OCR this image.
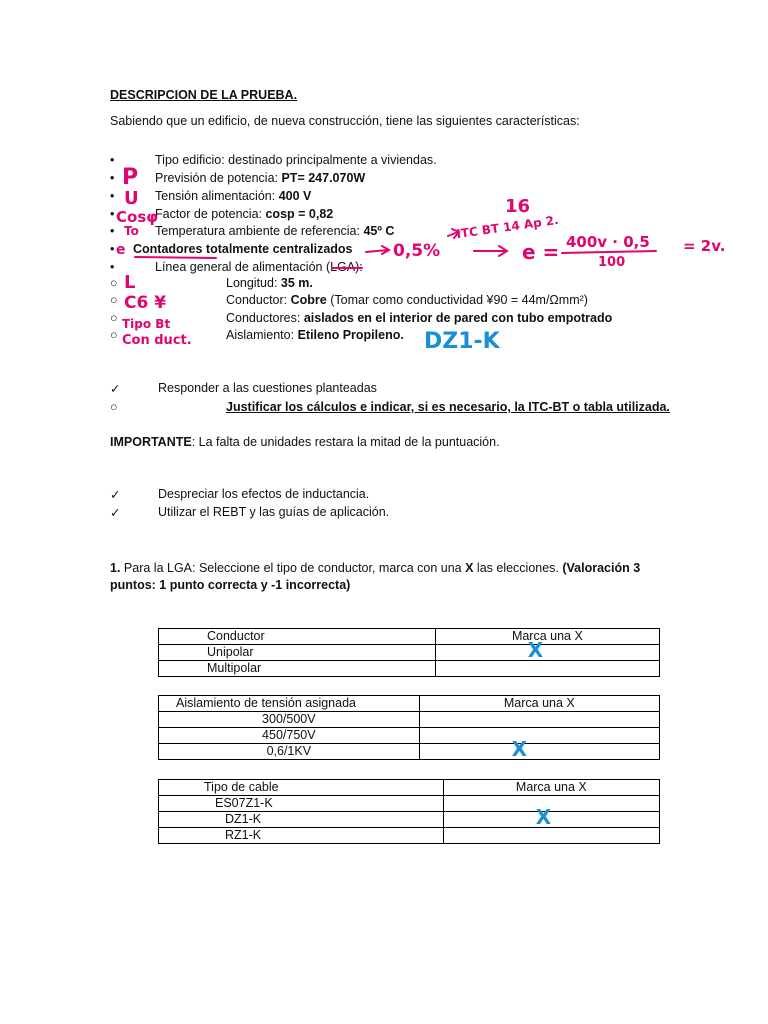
DESCRIPCION DE LA PRUEBA.
Sabiendo que un edificio, de nueva construcción, tiene las siguientes características:
•	Tipo edificio: destinado principalmente a viviendas.
•	Previsión de potencia: PT= 247.070W
•	Tensión alimentación: 400 V
•	Factor de potencia: cosp = 0,82
•	Temperatura ambiente de referencia: 45º C
• Contadores totalmente centralizados
•	Línea general de alimentación (LGA):
○	Longitud: 35 m.
○	Conductor: Cobre (Tomar como conductividad ¥90 = 44m/Ωmm²)
○	Conductores: aislados en el interior de pared con tubo empotrado
○	Aislamiento: Etileno Propileno.
✓	Responder a las cuestiones planteadas
○	Justificar los cálculos e indicar, si es necesario, la ITC-BT o tabla utilizada.
IMPORTANTE: La falta de unidades restara la mitad de la puntuación.
✓	Despreciar los efectos de inductancia.
✓	Utilizar el REBT y las guías de aplicación.
1. Para la LGA: Seleccione el tipo de conductor, marca con una X las elecciones. (Valoración 3
puntos: 1 punto correcta y -1 incorrecta)
Conductor	Marca una X
Unipolar	X

Multipolar	
Aislamiento de tensión asignada	Marca una X
300/500V	

450/750V	

0,6/1KV	X
Tipo de cable	Marca una X
ES07Z1-K	

DZ1-K	X

RZ1-K	
P
U
Cosφ
To
e
L
C6 ¥
Tipo Bt
Con duct.
16
0,5%
ITC BT 14 Ap 2.
e = 400v · 0,5
100
= 2v.
DZ1-K
